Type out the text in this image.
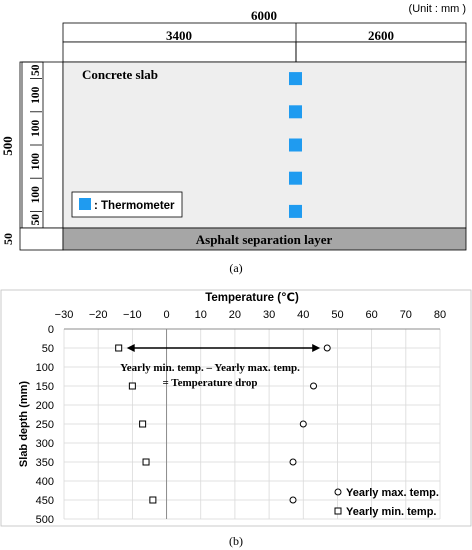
(Unit : mm )
6000
3400	2600
500
50
50
100
100
100
100
50
Concrete slab
: Thermometer
Asphalt separation layer
(a)
Temperature (℃)
Slab depth (mm)
−30 −20 −10 0 10 20 30 40 50 60 70 80
0
50
100
150
200
250
300
350
400
450
500
Yearly min. temp. – Yearly max. temp.
= Temperature drop
Yearly max. temp.
Yearly min. temp.
(b)
